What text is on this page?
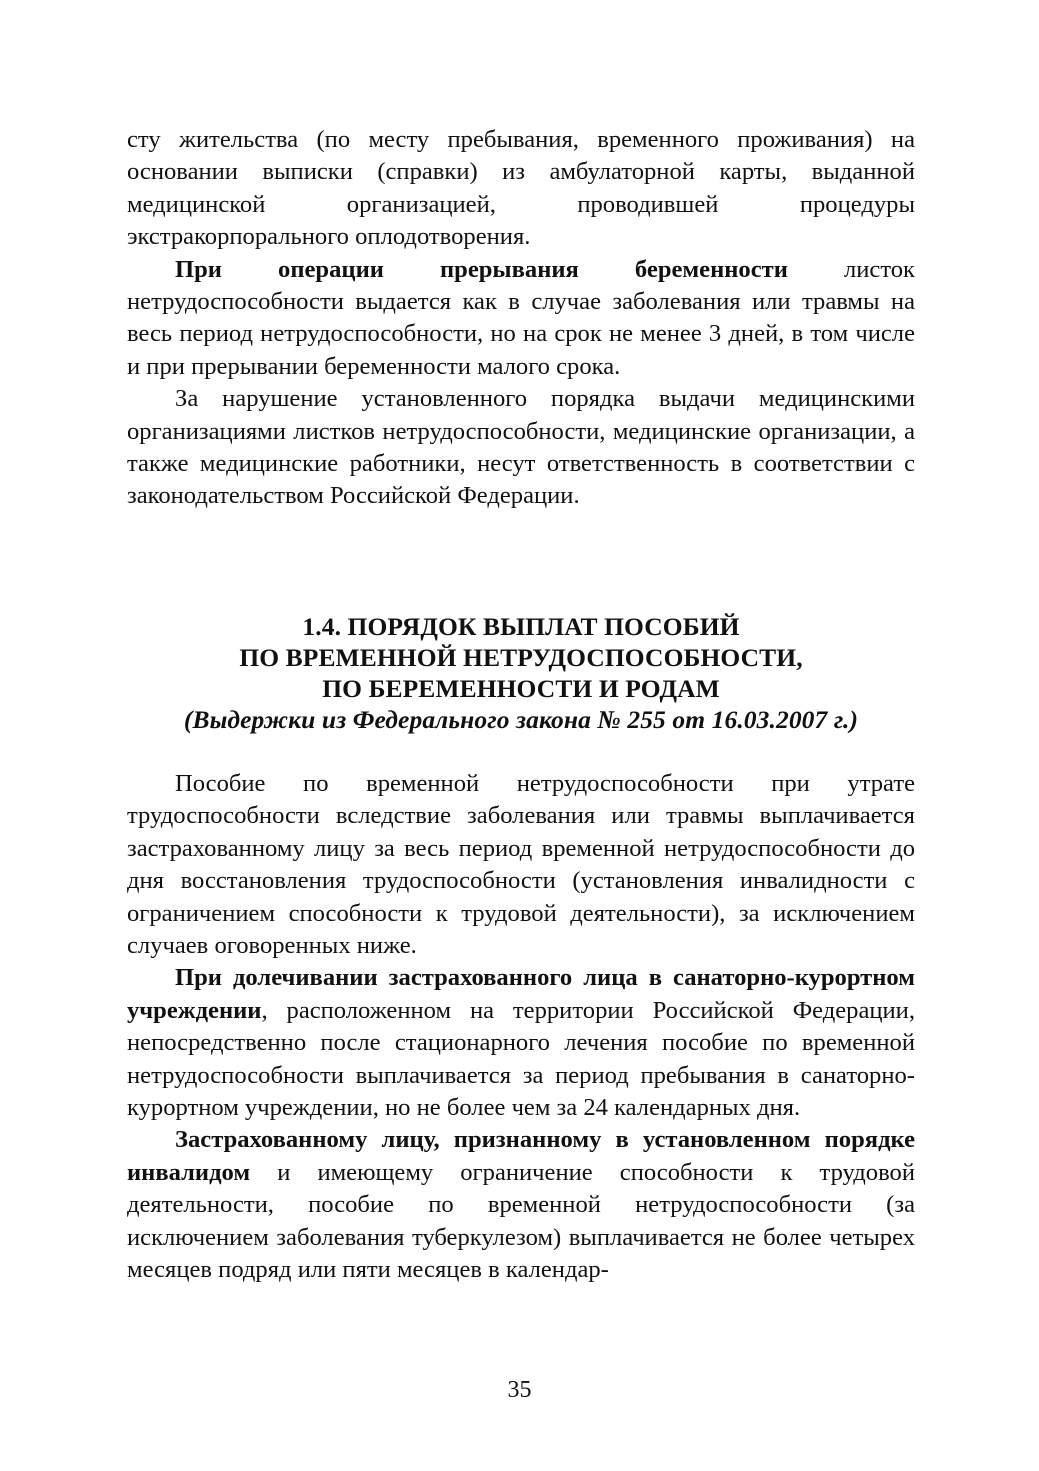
сту жительства (по месту пребывания, временного проживания) на основании выписки (справки) из амбулаторной карты, выданной медицинской организацией, проводившей процедуры экстракорпорального оплодотворения.

При операции прерывания беременности листок нетрудоспособности выдается как в случае заболевания или травмы на весь период нетрудоспособности, но на срок не менее 3 дней, в том числе и при прерывании беременности малого срока.

За нарушение установленного порядка выдачи медицинскими организациями листков нетрудоспособности, медицинские организации, а также медицинские работники, несут ответственность в соответствии с законодательством Российской Федерации.

1.4. ПОРЯДОК ВЫПЛАТ ПОСОБИЙ
ПО ВРЕМЕННОЙ НЕТРУДОСПОСОБНОСТИ,
ПО БЕРЕМЕННОСТИ И РОДАМ
(Выдержки из Федерального закона № 255 от 16.03.2007 г.)

Пособие по временной нетрудоспособности при утрате трудоспособности вследствие заболевания или травмы выплачивается застрахованному лицу за весь период временной нетрудоспособности до дня восстановления трудоспособности (установления инвалидности с ограничением способности к трудовой деятельности), за исключением случаев оговоренных ниже.

При долечивании застрахованного лица в санаторно-курортном учреждении, расположенном на территории Российской Федерации, непосредственно после стационарного лечения пособие по временной нетрудоспособности выплачивается за период пребывания в санаторно-курортном учреждении, но не более чем за 24 календарных дня.

Застрахованному лицу, признанному в установленном порядке инвалидом и имеющему ограничение способности к трудовой деятельности, пособие по временной нетрудоспособности (за исключением заболевания туберкулезом) выплачивается не более четырех месяцев подряд или пяти месяцев в календар-

35
